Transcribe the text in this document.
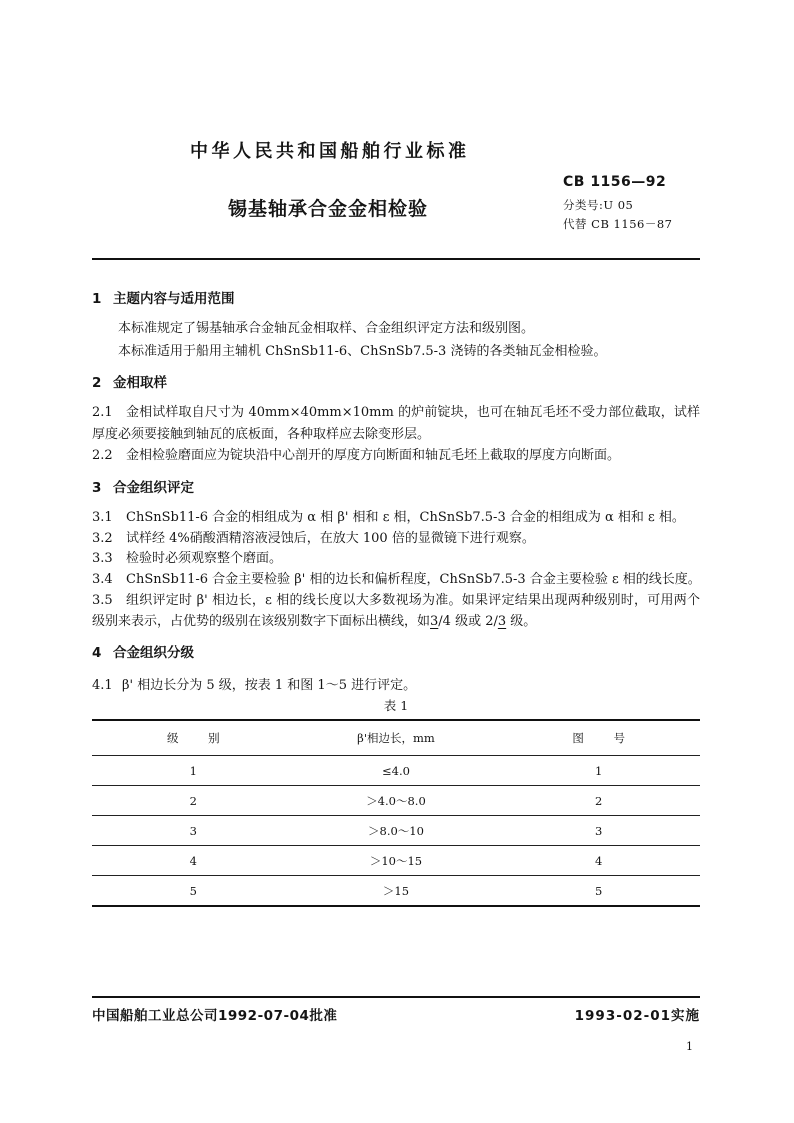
中华人民共和国船舶行业标准
锡基轴承合金金相检验
CB 1156—92
分类号:U 05
代替 CB 1156－87
1 主题内容与适用范围
本标准规定了锡基轴承合金轴瓦金相取样、合金组织评定方法和级别图。
本标准适用于船用主辅机 ChSnSb11-6、ChSnSb7.5-3 浇铸的各类轴瓦金相检验。
2 金相取样
2.1 金相试样取自尺寸为 40mm×40mm×10mm 的炉前锭块，也可在轴瓦毛坯不受力部位截取，试样
厚度必须要接触到轴瓦的底板面，各种取样应去除变形层。
2.2 金相检验磨面应为锭块沿中心剖开的厚度方向断面和轴瓦毛坯上截取的厚度方向断面。
3 合金组织评定
3.1 ChSnSb11-6 合金的相组成为 α 相 β' 相和 ε 相，ChSnSb7.5-3 合金的相组成为 α 相和 ε 相。
3.2 试样经 4%硝酸酒精溶液浸蚀后，在放大 100 倍的显微镜下进行观察。
3.3 检验时必须观察整个磨面。
3.4 ChSnSb11-6 合金主要检验 β' 相的边长和偏析程度，ChSnSb7.5-3 合金主要检验 ε 相的线长度。
3.5 组织评定时 β' 相边长，ε 相的线长度以大多数视场为准。如果评定结果出现两种级别时，可用两个
级别来表示，占优势的级别在该级别数字下面标出横线，如3/4 级或 2/3 级。
4 合金组织分级
4.1 β' 相边长分为 5 级，按表 1 和图 1～5 进行评定。
表 1
级 别	β'相边长，mm	图 号
1	≤4.0	1
2	＞4.0～8.0	2
3	＞8.0～10	3
4	＞10～15	4
5	＞15	5
中国船舶工业总公司1992-07-04批准	1993-02-01实施
1
